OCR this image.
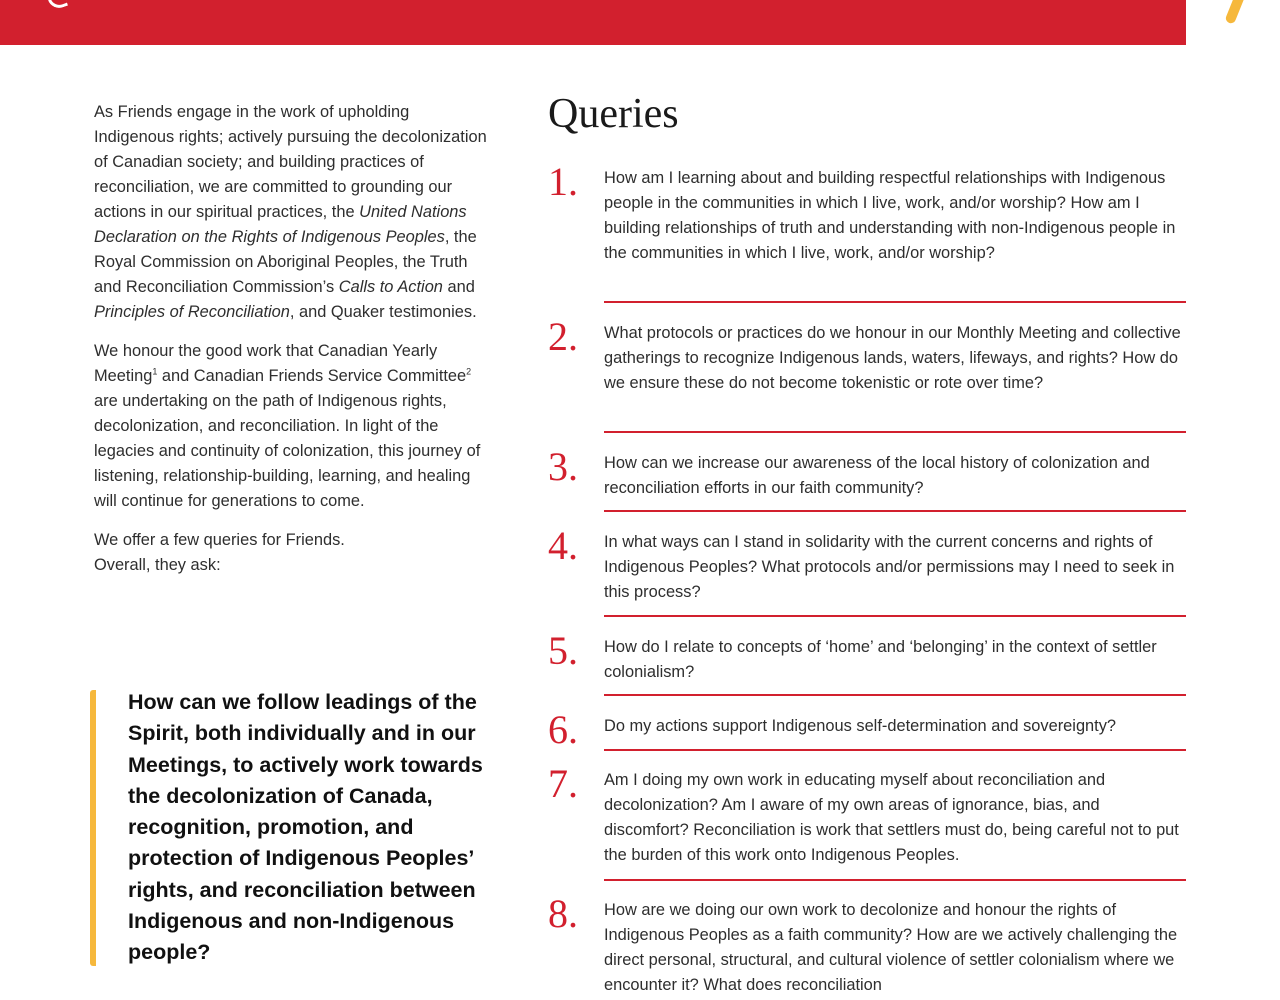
As Friends engage in the work of upholding Indigenous rights; actively pursuing the decolonization of Canadian society; and building practices of reconciliation, we are committed to grounding our actions in our spiritual practices, the United Nations Declaration on the Rights of Indigenous Peoples, the Royal Commission on Aboriginal Peoples, the Truth and Reconciliation Commission’s Calls to Action and Principles of Reconciliation, and Quaker testimonies.

We honour the good work that Canadian Yearly Meeting$^1$ and Canadian Friends Service Committee$^2$ are undertaking on the path of Indigenous rights, decolonization, and reconciliation. In light of the legacies and continuity of colonization, this journey of listening, relationship-building, learning, and healing will continue for generations to come.

We offer a few queries for Friends.
Overall, they ask:

How can we follow leadings of the Spirit, both individually and in our Meetings, to actively work towards the decolonization of Canada, recognition, promotion, and protection of Indigenous Peoples’ rights, and reconciliation between Indigenous and non-Indigenous people?
Queries
1. How am I learning about and building respectful relationships with Indigenous people in the communities in which I live, work, and/or worship? How am I building relationships of truth and understanding with non-Indigenous people in the communities in which I live, work, and/or worship?
2. What protocols or practices do we honour in our Monthly Meeting and collective gatherings to recognize Indigenous lands, waters, lifeways, and rights? How do we ensure these do not become tokenistic or rote over time?
3. How can we increase our awareness of the local history of colonization and reconciliation efforts in our faith community?
4. In what ways can I stand in solidarity with the current concerns and rights of Indigenous Peoples? What protocols and/or permissions may I need to seek in this process?
5. How do I relate to concepts of ‘home’ and ‘belonging’ in the context of settler colonialism?
6. Do my actions support Indigenous self-determination and sovereignty?
7. Am I doing my own work in educating myself about reconciliation and decolonization? Am I aware of my own areas of ignorance, bias, and discomfort? Reconciliation is work that settlers must do, being careful not to put the burden of this work onto Indigenous Peoples.
8. How are we doing our own work to decolonize and honour the rights of Indigenous Peoples as a faith community? How are we actively challenging the direct personal, structural, and cultural violence of settler colonialism where we encounter it? What does reconciliation
